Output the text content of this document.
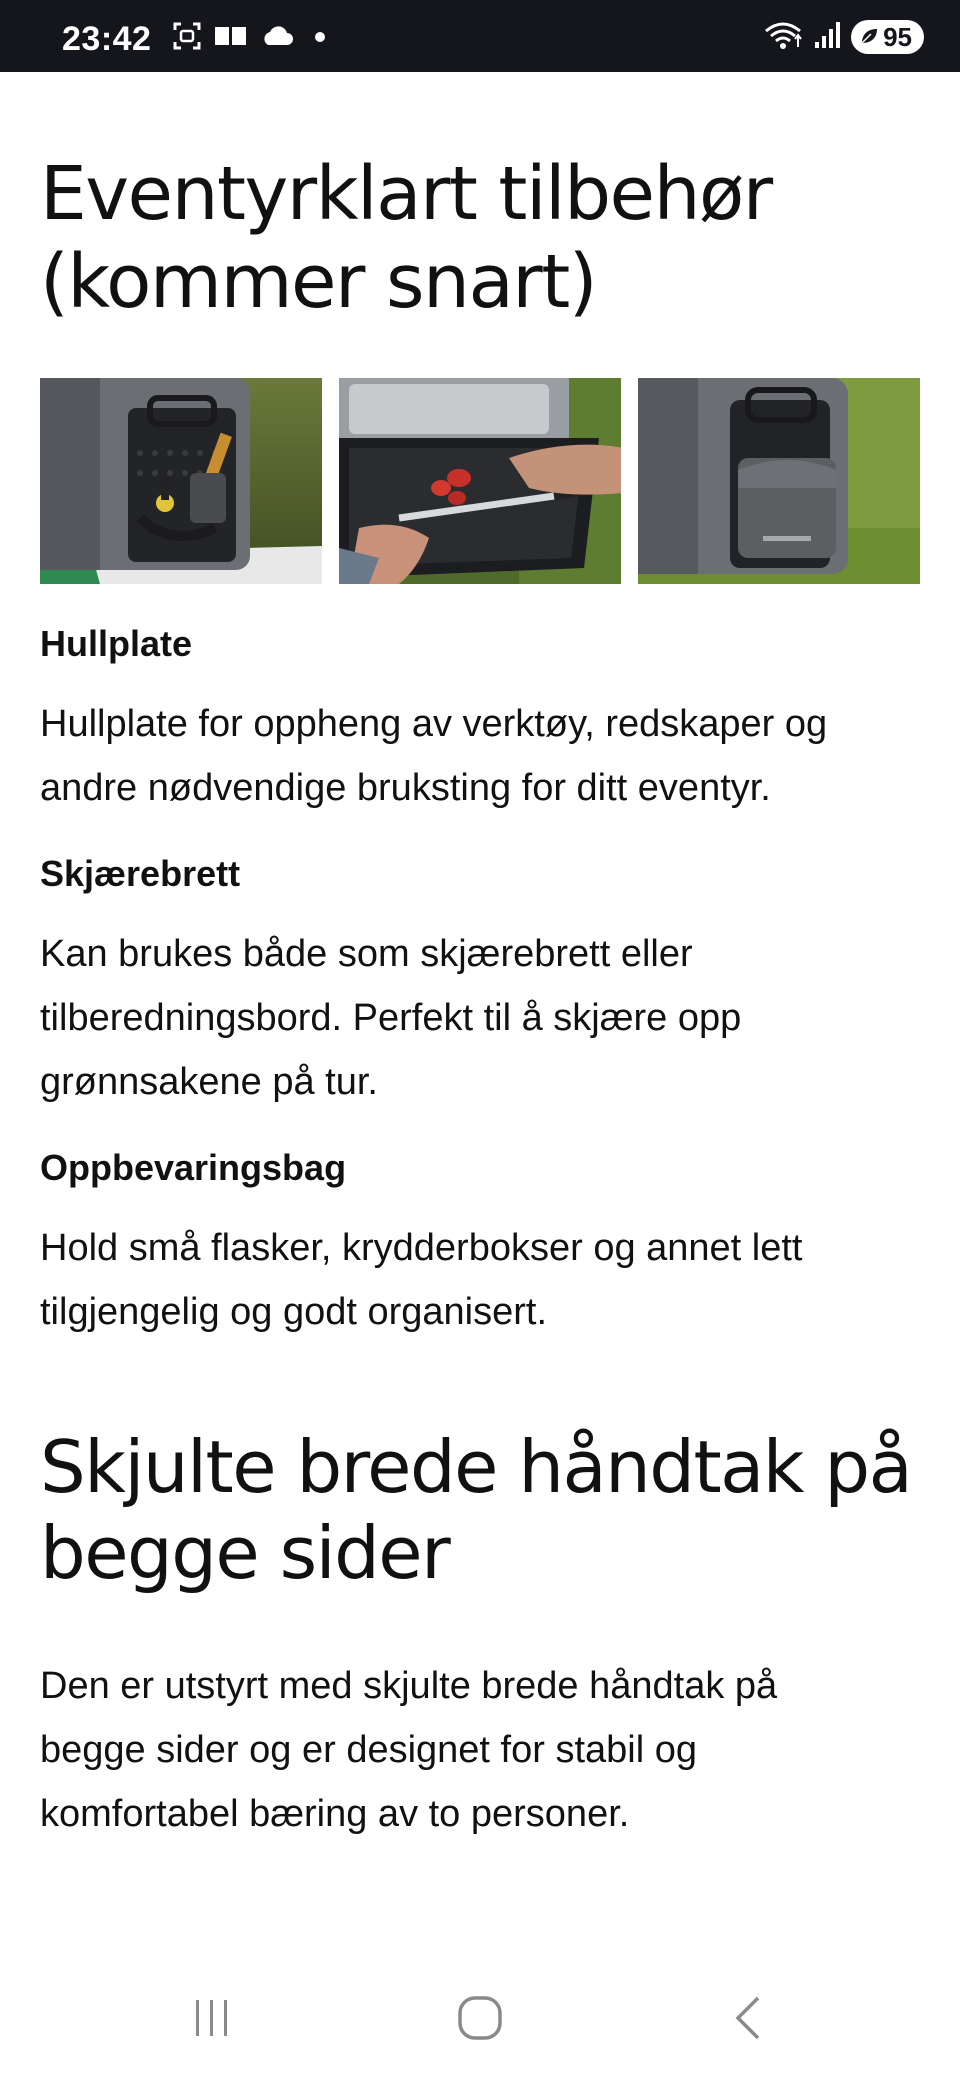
23:42	95
Eventyrklart tilbehør
(kommer snart)
Hullplate

Hullplate for oppheng av verktøy, redskaper og
andre nødvendige bruksting for ditt eventyr.

Skjærebrett

Kan brukes både som skjærebrett eller
tilberedningsbord. Perfekt til å skjære opp
grønnsakene på tur.

Oppbevaringsbag

Hold små flasker, krydderbokser og annet lett
tilgjengelig og godt organisert.

Skjulte brede håndtak på
begge sider

Den er utstyrt med skjulte brede håndtak på
begge sider og er designet for stabil og
komfortabel bæring av to personer.
